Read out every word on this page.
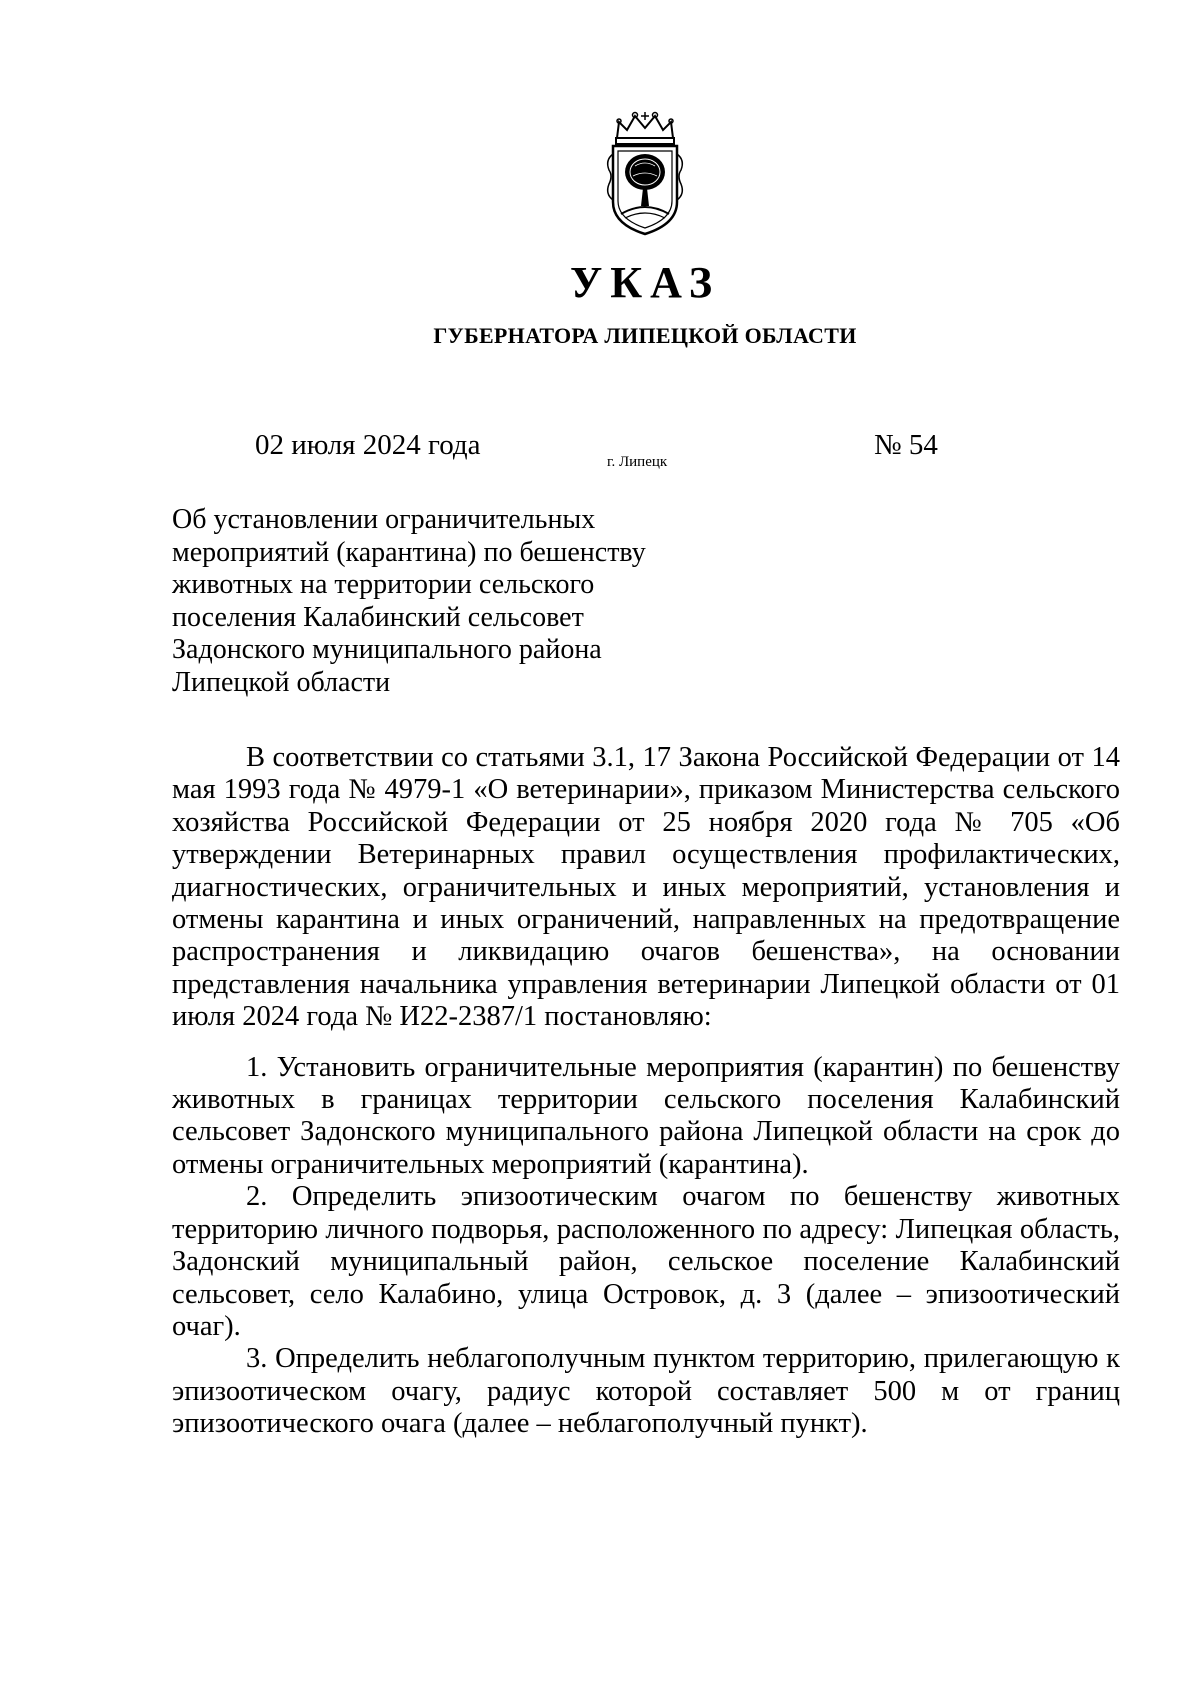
УКАЗ
ГУБЕРНАТОРА ЛИПЕЦКОЙ ОБЛАСТИ
02 июля 2024 года
г. Липецк
№ 54
Об установлении ограничительных
мероприятий (карантина) по бешенству
животных на территории сельского
поселения Калабинский сельсовет
Задонского муниципального района
Липецкой области

В соответствии со статьями 3.1, 17 Закона Российской Федерации от 14 мая 1993 года № 4979-1 «О ветеринарии», приказом Министерства сельского хозяйства Российской Федерации от 25 ноября 2020 года № 705 «Об утверждении Ветеринарных правил осуществления профилактических, диагностических, ограничительных и иных мероприятий, установления и отмены карантина и иных ограничений, направленных на предотвращение распространения и ликвидацию очагов бешенства», на основании представления начальника управления ветеринарии Липецкой области от 01 июля 2024 года № И22-2387/1 постановляю:

1. Установить ограничительные мероприятия (карантин) по бешенству животных в границах территории сельского поселения Калабинский сельсовет Задонского муниципального района Липецкой области на срок до отмены ограничительных мероприятий (карантина).

2. Определить эпизоотическим очагом по бешенству животных территорию личного подворья, расположенного по адресу: Липецкая область, Задонский муниципальный район, сельское поселение Калабинский сельсовет, село Калабино, улица Островок, д. 3 (далее – эпизоотический очаг).

3. Определить неблагополучным пунктом территорию, прилегающую к эпизоотическом очагу, радиус которой составляет 500 м от границ эпизоотического очага (далее – неблагополучный пункт).
